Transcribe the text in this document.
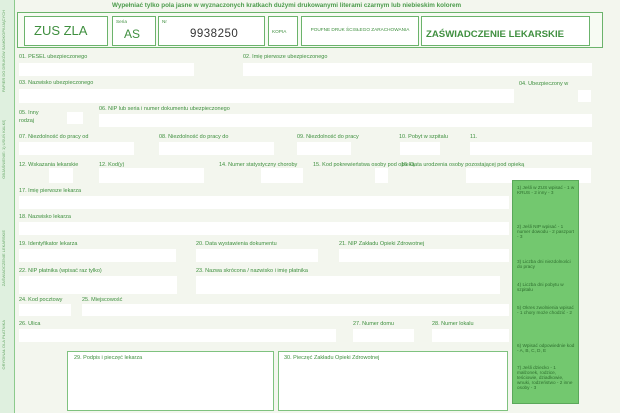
Wypełniać tylko pola jasne w wyznaczonych kratkach dużymi drukowanymi literami czarnym lub niebieskim kolorem
PAPIER DO DRUKÓW SAMOKOPIUJĄCYCH
OBJAŚNIENIE: 1) USUŃ KALKĘ
ZAŚWIADCZENIE LEKARSKIE
ORYGINAŁ DLA PŁATNIKA
ZUS ZLA
Seria
AS
Nr
9938250	KOPIA	POUFNE DRUK ŚCISŁEGO ZARACHOWANIA	ZAŚWIADCZENIE LEKARSKIE
01. PESEL ubezpieczonego	02. Imię pierwsze ubezpieczonego
03. Nazwisko ubezpieczonego	04. Ubezpieczony w
05. Inny
rodzaj
06. NIP lub seria i numer dokumentu ubezpieczonego
07. Niezdolność do pracy od	08. Niezdolność do pracy do	09. Niezdolność do pracy	10. Pobyt w szpitalu	11.
12. Wskazania lekarskie	12. Kod(y)	14. Numer statystyczny choroby	15. Kod pokrewieństwa osoby pod opieką
16. Data urodzenia osoby pozostającej pod opieką
17. Imię pierwsze lekarza
18. Nazwisko lekarza
19. Identyfikator lekarza	20. Data wystawienia dokumentu	21. NIP Zakładu Opieki Zdrowotnej
22. NIP płatnika (wpisać raz tylko)	23. Nazwa skrócona / nazwisko i imię płatnika
24. Kod pocztowy	25. Miejscowość
26. Ulica	27. Numer domu	28. Numer lokalu
29. Podpis i pieczęć lekarza	30. Pieczęć Zakładu Opieki Zdrowotnej
1) Jeśli w ZUS wpisać - 1 w KRUS - 2 inny - 3
2) Jeśli NIP wpisać - 1 numer dowodu - 2 paszport - 3
3) Liczba dni niezdolności do pracy
4) Liczba dni pobytu w szpitalu
5) Okres zwolnienia wpisać - 1 chory może chodzić - 2
6) Wpisać odpowiednie kod - A, B, C, D, E
7) Jeśli dziecko - 1 małżonek, rodzice, teściowie, dziadkowie, wnuki, rodzeństwo - 2 inne osoby - 3
